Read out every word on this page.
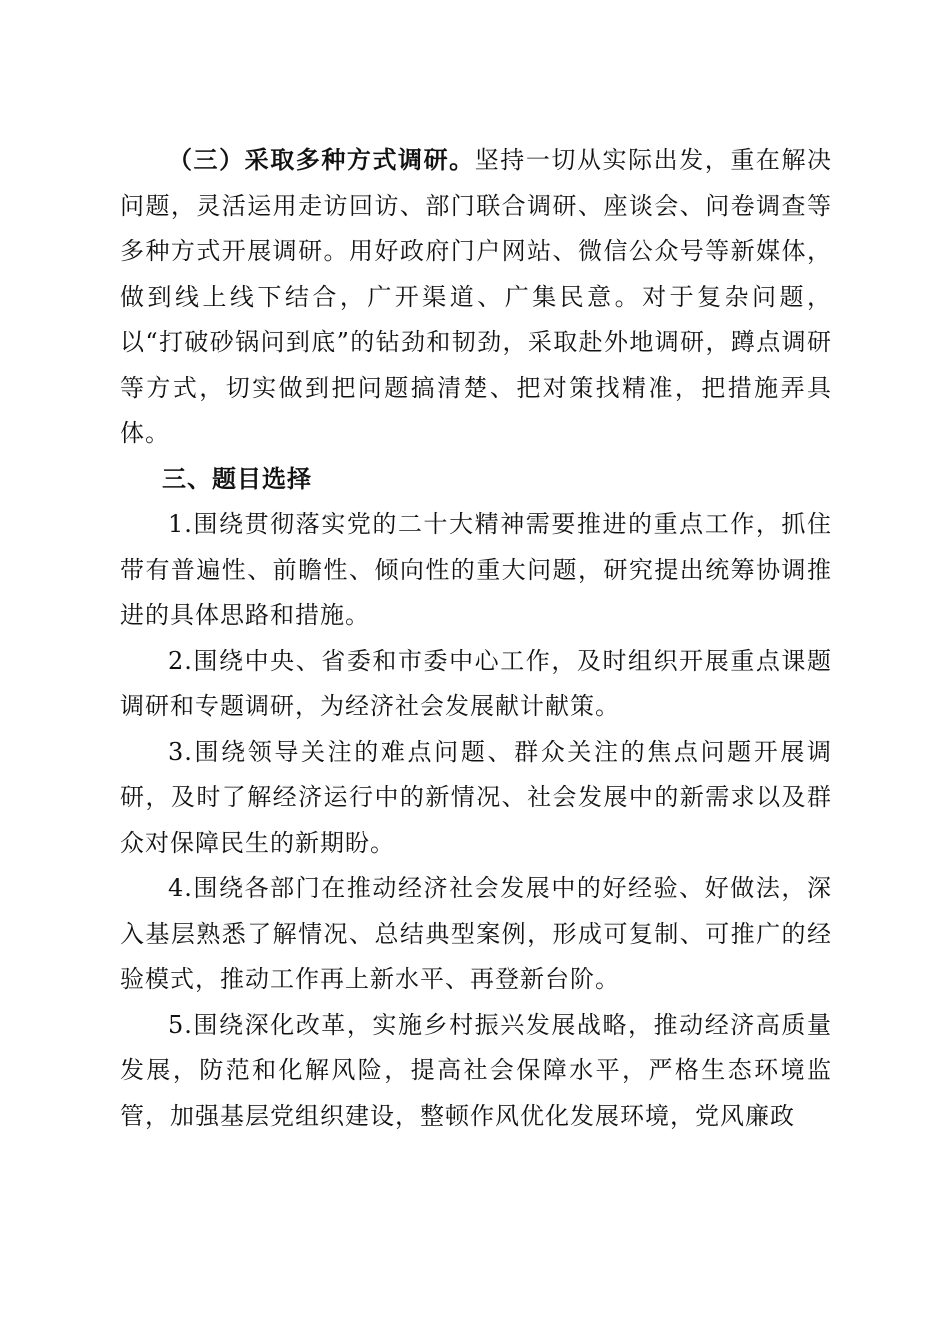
（三）采取多种方式调研。坚持一切从实际出发，重在解决问题，灵活运用走访回访、部门联合调研、座谈会、问卷调查等多种方式开展调研。用好政府门户网站、微信公众号等新媒体，做到线上线下结合，广开渠道、广集民意。对于复杂问题，以“打破砂锅问到底”的钻劲和韧劲，采取赴外地调研，蹲点调研等方式，切实做到把问题搞清楚、把对策找精准，把措施弄具体。

三、题目选择

1.围绕贯彻落实党的二十大精神需要推进的重点工作，抓住带有普遍性、前瞻性、倾向性的重大问题，研究提出统筹协调推进的具体思路和措施。

2.围绕中央、省委和市委中心工作，及时组织开展重点课题调研和专题调研，为经济社会发展献计献策。

3.围绕领导关注的难点问题、群众关注的焦点问题开展调研，及时了解经济运行中的新情况、社会发展中的新需求以及群众对保障民生的新期盼。

4.围绕各部门在推动经济社会发展中的好经验、好做法，深入基层熟悉了解情况、总结典型案例，形成可复制、可推广的经验模式，推动工作再上新水平、再登新台阶。

5.围绕深化改革，实施乡村振兴发展战略，推动经济高质量发展，防范和化解风险，提高社会保障水平，严格生态环境监管，加强基层党组织建设，整顿作风优化发展环境，党风廉政
